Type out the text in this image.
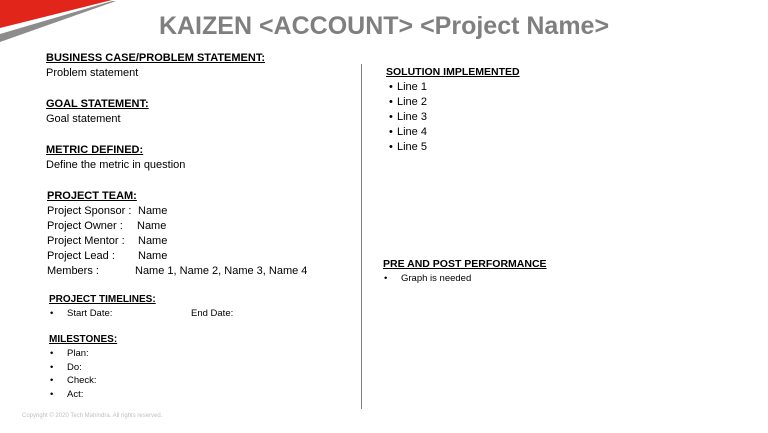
KAIZEN <ACCOUNT> <Project Name>
BUSINESS CASE/PROBLEM STATEMENT:
Problem statement
GOAL STATEMENT:
Goal statement
METRIC DEFINED:
Define the metric in question
PROJECT TEAM:
Project Sponsor : Name
Project Owner : Name
Project Mentor : Name
Project Lead : Name
Members :	Name 1, Name 2, Name 3, Name 4
PROJECT TIMELINES:
• Start Date:	End Date:
MILESTONES:
• Plan:
• Do:
• Check:
• Act:
SOLUTION IMPLEMENTED
• Line 1
• Line 2
• Line 3
• Line 4
• Line 5
PRE AND POST PERFORMANCE
• Graph is needed
Copyright © 2020 Tech Mahindra. All rights reserved.
